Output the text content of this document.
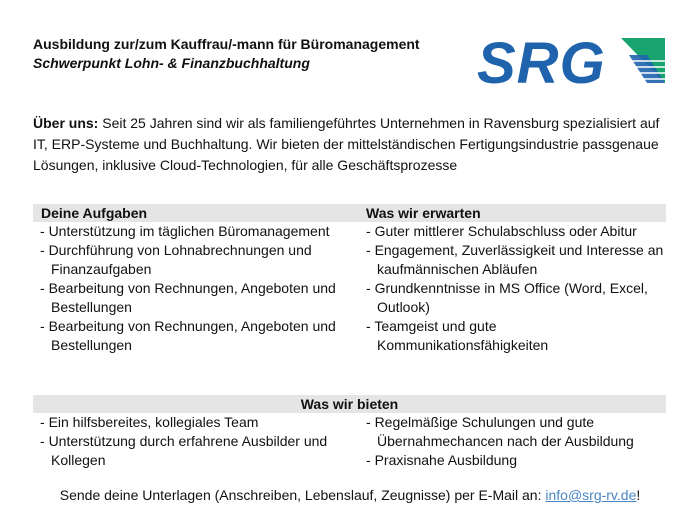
Ausbildung zur/zum Kauffrau/-mann für Büromanagement
Schwerpunkt Lohn- & Finanzbuchhaltung	SRG
Über uns: Seit 25 Jahren sind wir als familiengeführtes Unternehmen in Ravensburg spezialisiert auf IT, ERP-Systeme und Buchhaltung. Wir bieten der mittelständischen Fertigungsindustrie passgenaue Lösungen, inklusive Cloud-Technologien, für alle Geschäftsprozesse
Deine Aufgaben	Was wir erwarten
- Unterstützung im täglichen Büromanagement
- Durchführung von Lohnabrechnungen und Finanzaufgaben
- Bearbeitung von Rechnungen, Angeboten und Bestellungen
- Bearbeitung von Rechnungen, Angeboten und Bestellungen
- Guter mittlerer Schulabschluss oder Abitur
- Engagement, Zuverlässigkeit und Interesse an kaufmännischen Abläufen
- Grundkenntnisse in MS Office (Word, Excel, Outlook)
- Teamgeist und gute Kommunikationsfähigkeiten
Was wir bieten
- Ein hilfsbereites, kollegiales Team
- Unterstützung durch erfahrene Ausbilder und Kollegen
- Regelmäßige Schulungen und gute Übernahmechancen nach der Ausbildung
- Praxisnahe Ausbildung
Sende deine Unterlagen (Anschreiben, Lebenslauf, Zeugnisse) per E-Mail an: info@srg-rv.de!
